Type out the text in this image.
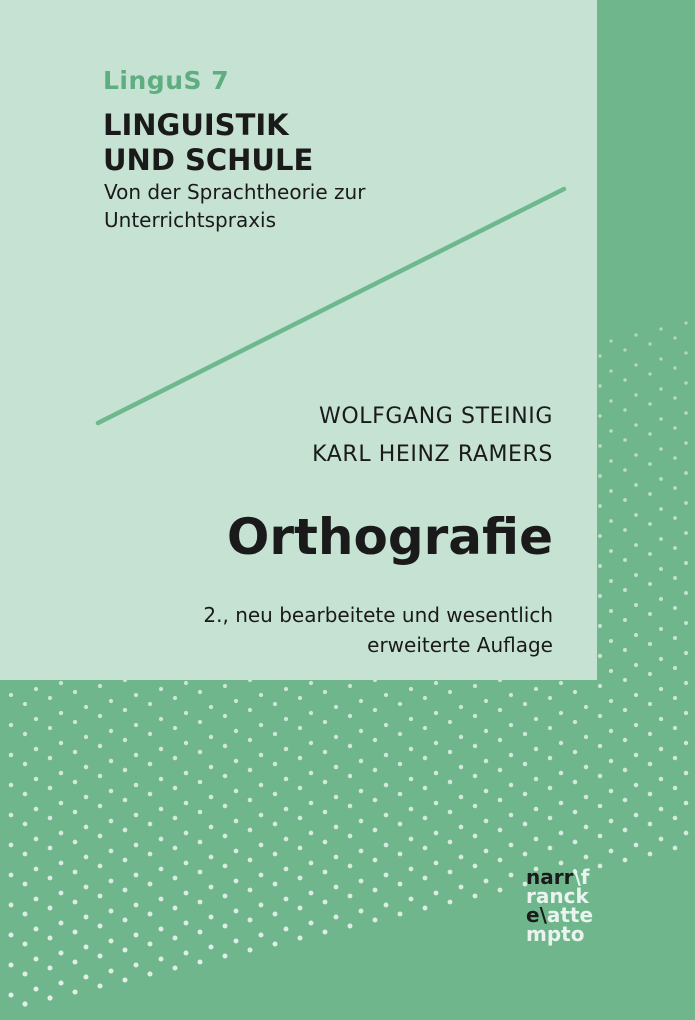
LinguS 7
LINGUISTIK
UND SCHULE
Von der Sprachtheorie zur
Unterrichtspraxis
WOLFGANG STEINIG
KARL HEINZ RAMERS
Orthografie
2., neu bearbeitete und wesentlich
erweiterte Auflage
narr\f
ranck
e\atte
mpto
